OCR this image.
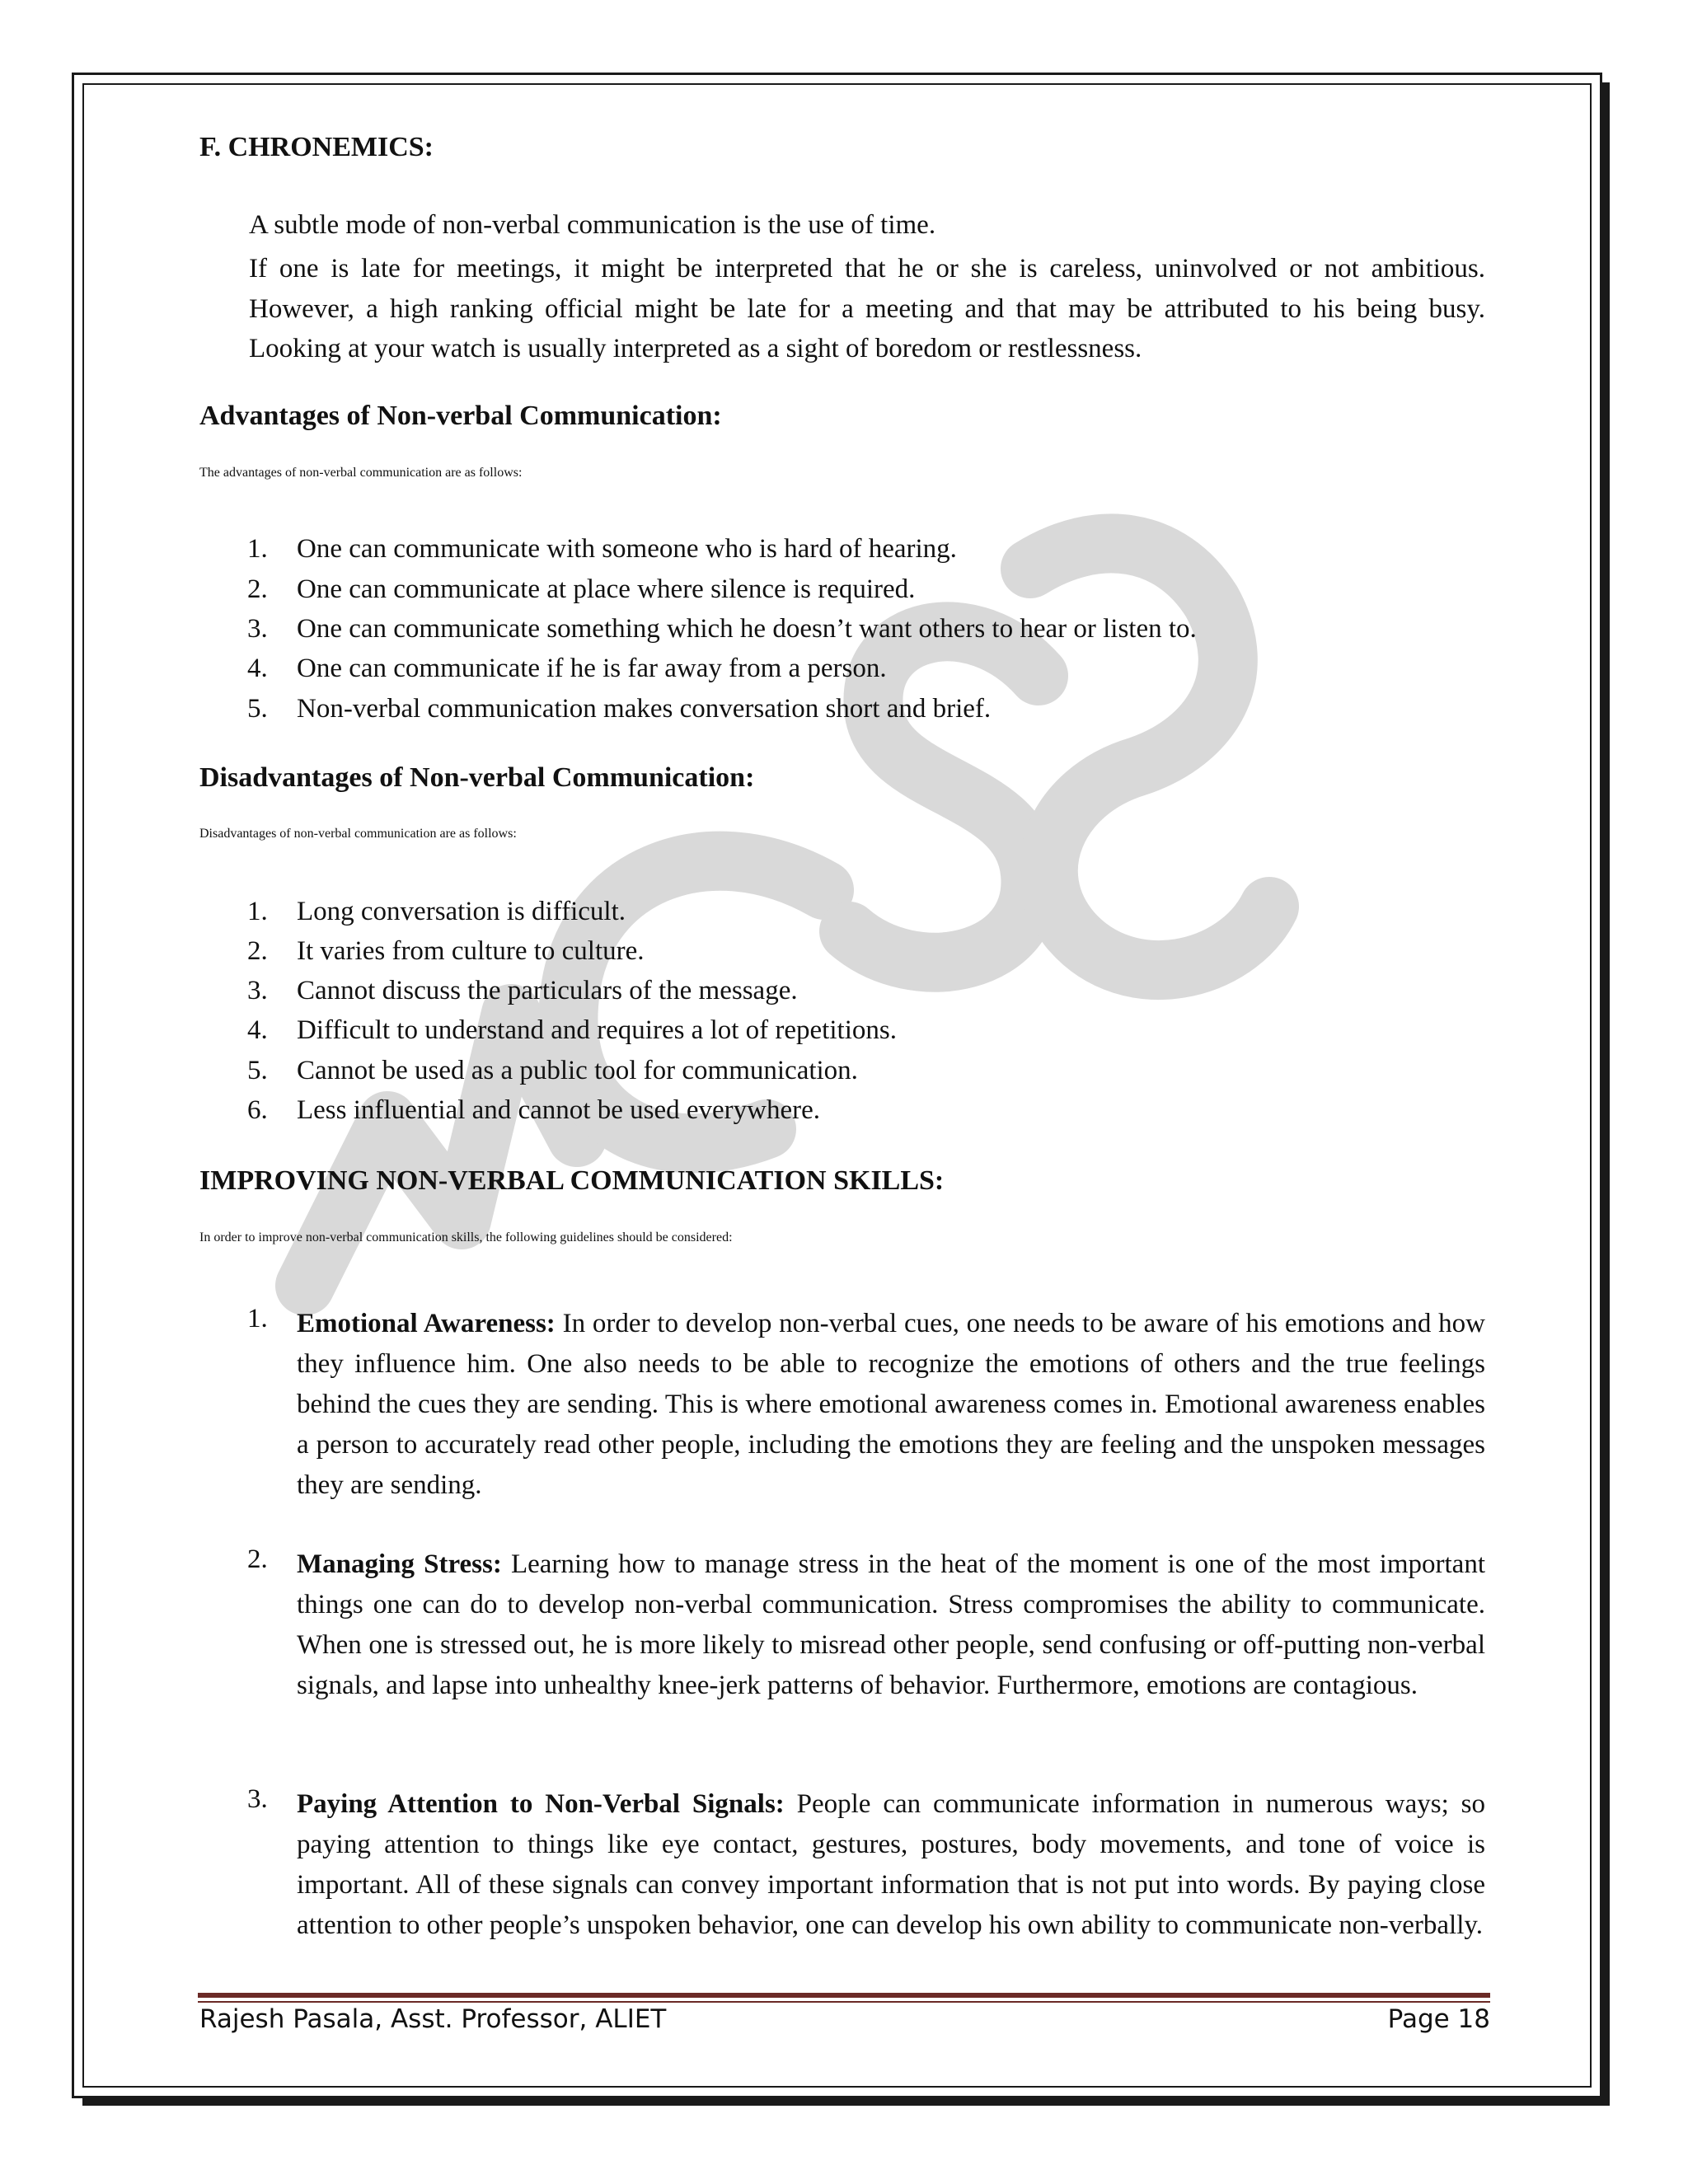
F. CHRONEMICS:
A subtle mode of non-verbal communication is the use of time.
If one is late for meetings, it might be interpreted that he or she is careless, uninvolved or not ambitious. However, a high ranking official might be late for a meeting and that may be attributed to his being busy. Looking at your watch is usually interpreted as a sight of boredom or restlessness.
Advantages of Non-verbal Communication:
The advantages of non-verbal communication are as follows:
1. One can communicate with someone who is hard of hearing.
2. One can communicate at place where silence is required.
3. One can communicate something which he doesn’t want others to hear or listen to.
4. One can communicate if he is far away from a person.
5. Non-verbal communication makes conversation short and brief.
Disadvantages of Non-verbal Communication:
Disadvantages of non-verbal communication are as follows:
1. Long conversation is difficult.
2. It varies from culture to culture.
3. Cannot discuss the particulars of the message.
4. Difficult to understand and requires a lot of repetitions.
5. Cannot be used as a public tool for communication.
6. Less influential and cannot be used everywhere.
IMPROVING NON-VERBAL COMMUNICATION SKILLS:
In order to improve non-verbal communication skills, the following guidelines should be considered:
1. Emotional Awareness: In order to develop non-verbal cues, one needs to be aware of his emotions and how they influence him. One also needs to be able to recognize the emotions of others and the true feelings behind the cues they are sending. This is where emotional awareness comes in. Emotional awareness enables a person to accurately read other people, including the emotions they are feeling and the unspoken messages they are sending.
2. Managing Stress: Learning how to manage stress in the heat of the moment is one of the most important things one can do to develop non-verbal communication. Stress compromises the ability to communicate. When one is stressed out, he is more likely to misread other people, send confusing or off-putting non-verbal signals, and lapse into unhealthy knee-jerk patterns of behavior. Furthermore, emotions are contagious.
3. Paying Attention to Non-Verbal Signals: People can communicate information in numerous ways; so paying attention to things like eye contact, gestures, postures, body movements, and tone of voice is important. All of these signals can convey important information that is not put into words. By paying close attention to other people’s unspoken behavior, one can develop his own ability to communicate non-verbally.
Rajesh Pasala, Asst. Professor, ALIET	Page 18
